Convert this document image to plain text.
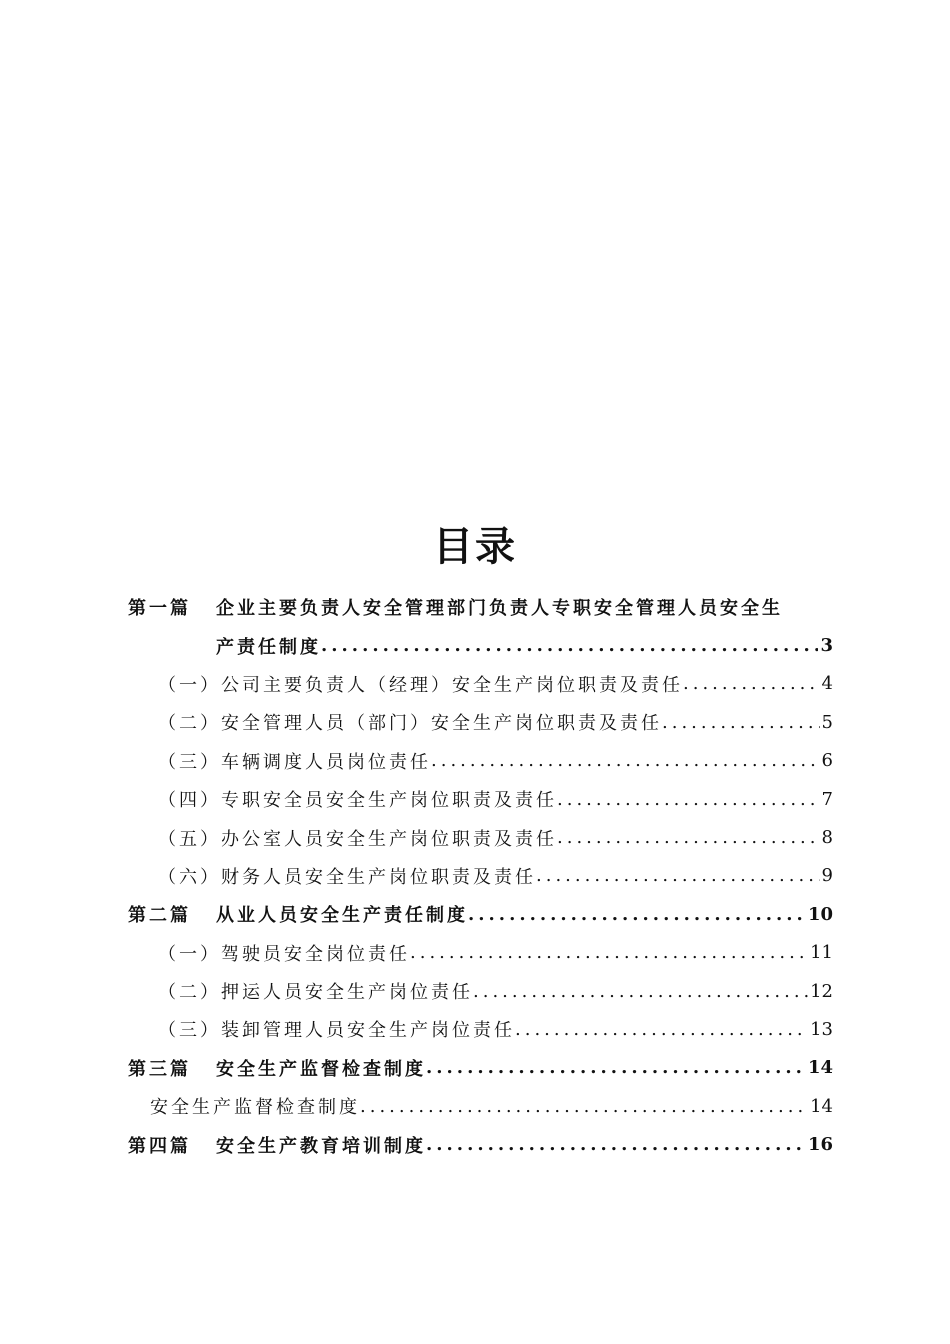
目录
第一篇	企业主要负责人安全管理部门负责人专职安全管理人员安全生
产责任制度 .....	3
（一）公司主要负责人（经理）安全生产岗位职责及责任 .....	4
（二）安全管理人员（部门）安全生产岗位职责及责任 .....	5
（三）车辆调度人员岗位责任 .....	6
（四）专职安全员安全生产岗位职责及责任 .....	7
（五）办公室人员安全生产岗位职责及责任 .....	8
（六）财务人员安全生产岗位职责及责任 .....	9
第二篇	从业人员安全生产责任制度 .....	10
（一）驾驶员安全岗位责任 .....	11
（二）押运人员安全生产岗位责任 .....	12
（三）装卸管理人员安全生产岗位责任 .....	13
第三篇	安全生产监督检查制度 .....	14
安全生产监督检查制度 .....	14
第四篇	安全生产教育培训制度 .....	16
